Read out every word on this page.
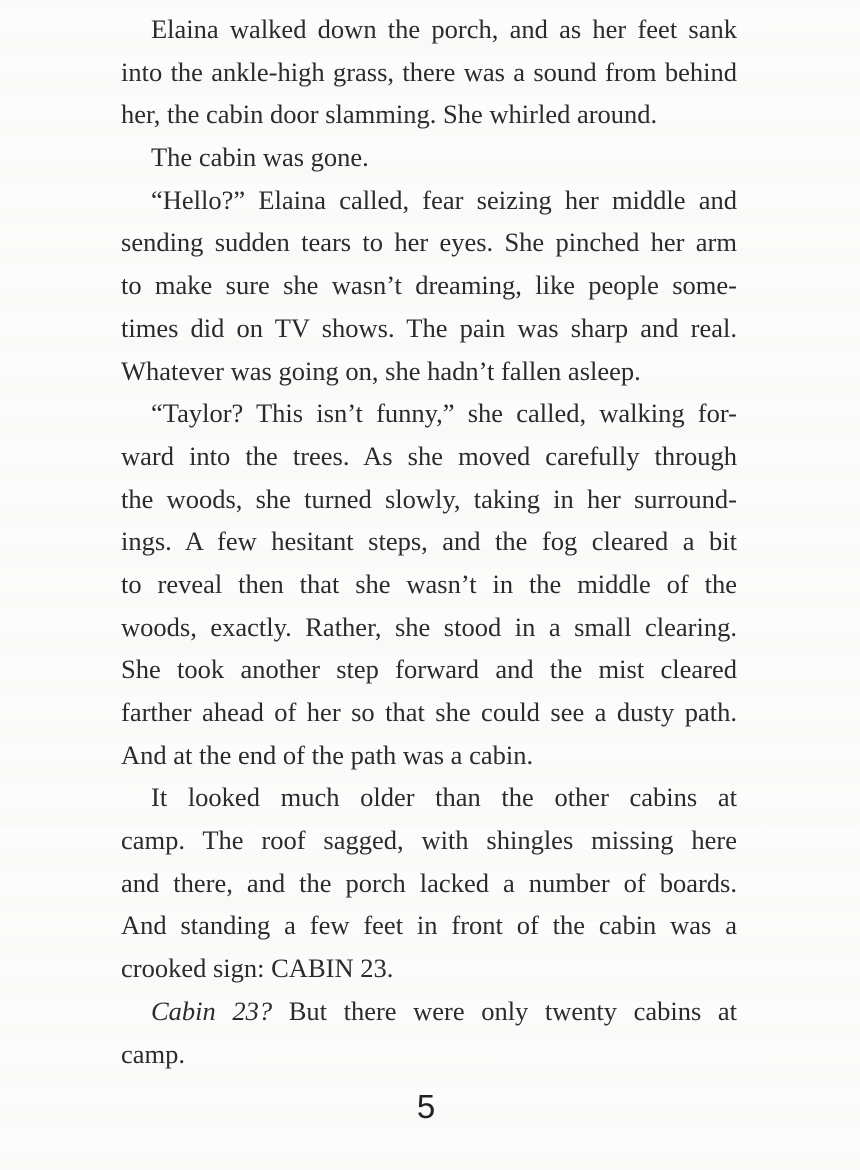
Elaina walked down the porch, and as her feet sank
into the ankle-high grass, there was a sound from behind
her, the cabin door slamming. She whirled around.
The cabin was gone.
“Hello?” Elaina called, fear seizing her middle and
sending sudden tears to her eyes. She pinched her arm
to make sure she wasn’t dreaming, like people some-
times did on TV shows. The pain was sharp and real.
Whatever was going on, she hadn’t fallen asleep.
“Taylor? This isn’t funny,” she called, walking for-
ward into the trees. As she moved carefully through
the woods, she turned slowly, taking in her surround-
ings. A few hesitant steps, and the fog cleared a bit
to reveal then that she wasn’t in the middle of the
woods, exactly. Rather, she stood in a small clearing.
She took another step forward and the mist cleared
farther ahead of her so that she could see a dusty path.
And at the end of the path was a cabin.
It looked much older than the other cabins at
camp. The roof sagged, with shingles missing here
and there, and the porch lacked a number of boards.
And standing a few feet in front of the cabin was a
crooked sign: CABIN 23.
Cabin 23? But there were only twenty cabins at
camp.
5
